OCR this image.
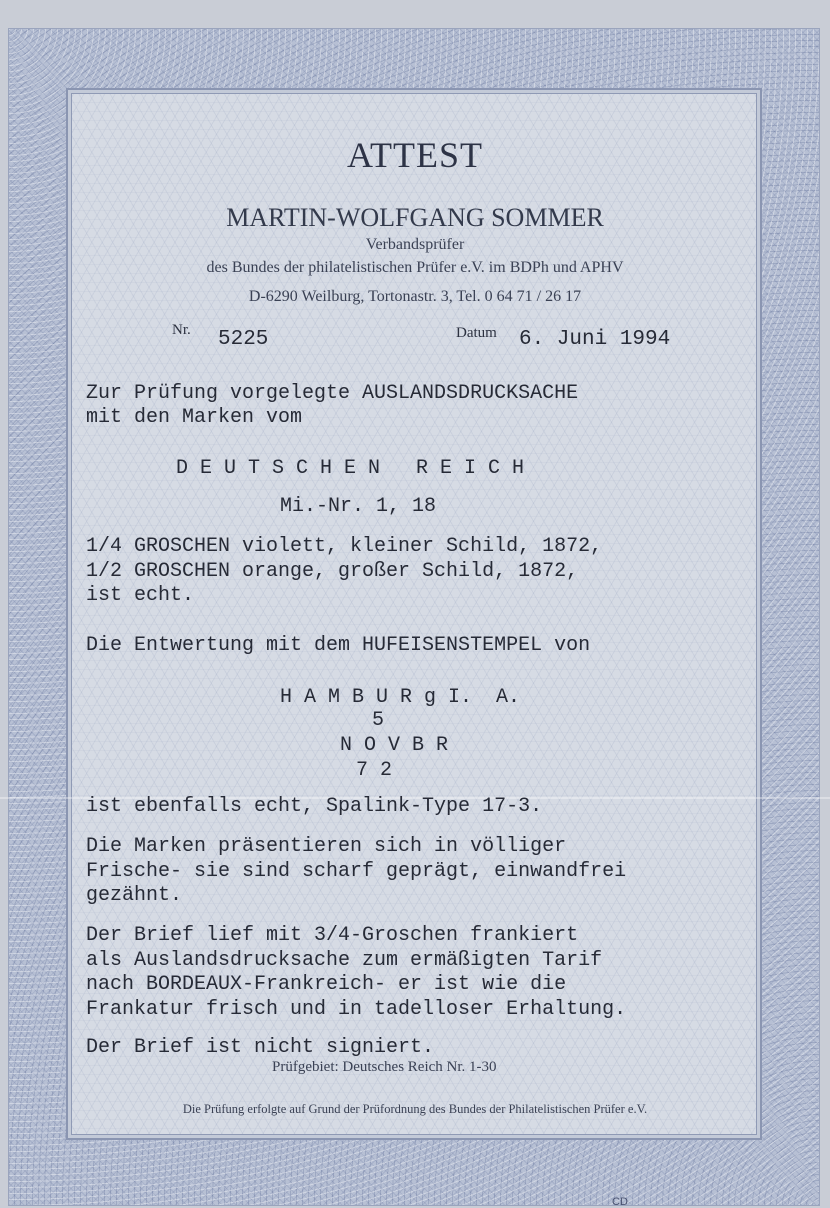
ATTEST
MARTIN-WOLFGANG SOMMER
Verbandsprüfer
des Bundes der philatelistischen Prüfer e.V. im BDPh und APHV
D-6290 Weilburg, Tortonastr. 3, Tel. 0 64 71 / 26 17
Nr. 5225	Datum 6. Juni 1994
Zur Prüfung vorgelegte AUSLANDSDRUCKSACHE
mit den Marken vom
D E U T S C H E N   R E I C H
Mi.-Nr. 1, 18
1/4 GROSCHEN violett, kleiner Schild, 1872,
1/2 GROSCHEN orange, großer Schild, 1872,
ist echt.
Die Entwertung mit dem HUFEISENSTEMPEL von
H A M B U R g I.  A.
5
N O V B R
7 2
ist ebenfalls echt, Spalink-Type 17-3.
Die Marken präsentieren sich in völliger
Frische- sie sind scharf geprägt, einwandfrei
gezähnt.
Der Brief lief mit 3/4-Groschen frankiert
als Auslandsdrucksache zum ermäßigten Tarif
nach BORDEAUX-Frankreich- er ist wie die
Frankatur frisch und in tadelloser Erhaltung.
Der Brief ist nicht signiert.
Prüfgebiet: Deutsches Reich Nr. 1-30
Die Prüfung erfolgte auf Grund der Prüfordnung des Bundes der Philatelistischen Prüfer e.V.
CD
